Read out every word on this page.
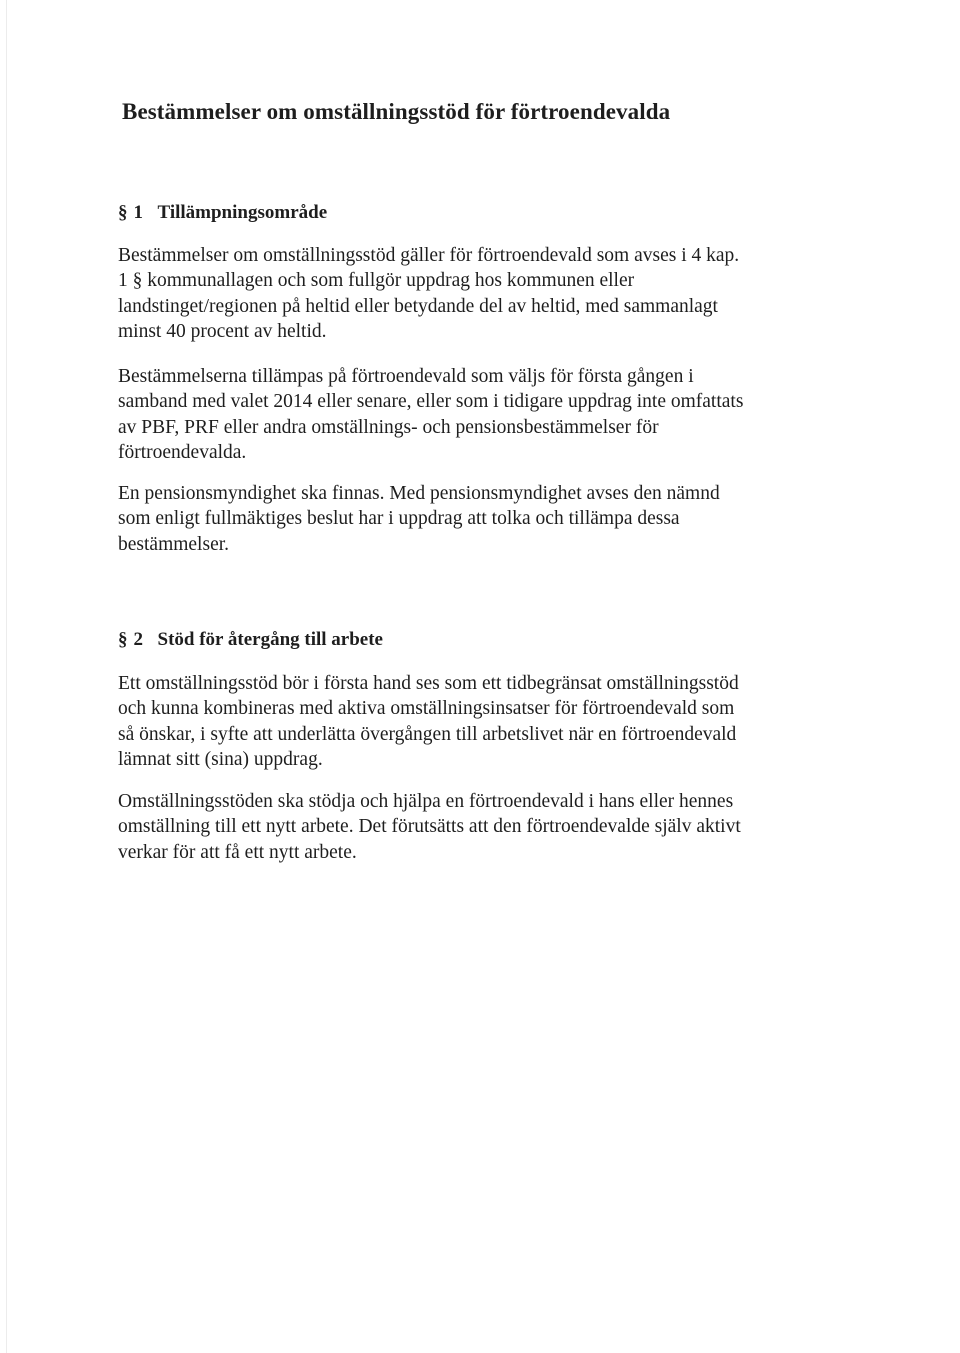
Bestämmelser om omställningsstöd för förtroendevalda
§ 1 Tillämpningsområde

Bestämmelser om omställningsstöd gäller för förtroendevald som avses i 4 kap.
1 § kommunallagen och som fullgör uppdrag hos kommunen eller
landstinget/regionen på heltid eller betydande del av heltid, med sammanlagt
minst 40 procent av heltid.

Bestämmelserna tillämpas på förtroendevald som väljs för första gången i
samband med valet 2014 eller senare, eller som i tidigare uppdrag inte omfattats
av PBF, PRF eller andra omställnings- och pensionsbestämmelser för
förtroendevalda.

En pensionsmyndighet ska finnas. Med pensionsmyndighet avses den nämnd
som enligt fullmäktiges beslut har i uppdrag att tolka och tillämpa dessa
bestämmelser.

§ 2 Stöd för återgång till arbete

Ett omställningsstöd bör i första hand ses som ett tidbegränsat omställningsstöd
och kunna kombineras med aktiva omställningsinsatser för förtroendevald som
så önskar, i syfte att underlätta övergången till arbetslivet när en förtroendevald
lämnat sitt (sina) uppdrag.

Omställningsstöden ska stödja och hjälpa en förtroendevald i hans eller hennes
omställning till ett nytt arbete. Det förutsätts att den förtroendevalde själv aktivt
verkar för att få ett nytt arbete.
